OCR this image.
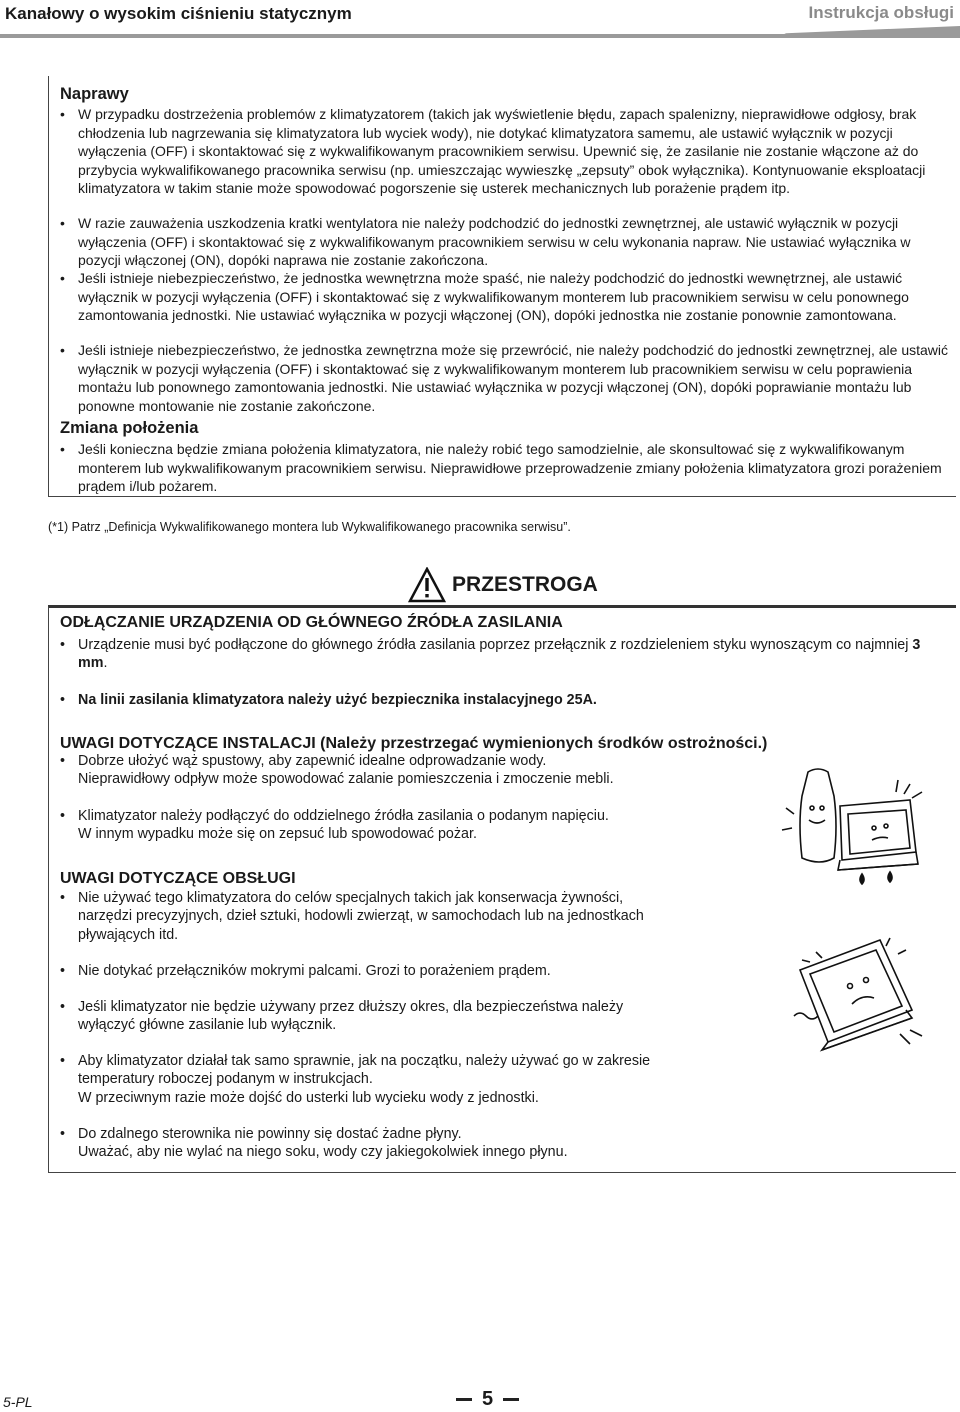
Kanałowy o wysokim ciśnieniu statycznym	Instrukcja obsługi
Naprawy
• W przypadku dostrzeżenia problemów z klimatyzatorem (takich jak wyświetlenie błędu, zapach spalenizny, nieprawidłowe odgłosy, brak chłodzenia lub nagrzewania się klimatyzatora lub wyciek wody), nie dotykać klimatyzatora samemu, ale ustawić wyłącznik w pozycji wyłączenia (OFF) i skontaktować się z wykwalifikowanym pracownikiem serwisu. Upewnić się, że zasilanie nie zostanie włączone aż do przybycia wykwalifikowanego pracownika serwisu (np. umieszczając wywieszkę „zepsuty” obok wyłącznika). Kontynuowanie eksploatacji klimatyzatora w takim stanie może spowodować pogorszenie się usterek mechanicznych lub porażenie prądem itp.
• W razie zauważenia uszkodzenia kratki wentylatora nie należy podchodzić do jednostki zewnętrznej, ale ustawić wyłącznik w pozycji wyłączenia (OFF) i skontaktować się z wykwalifikowanym pracownikiem serwisu w celu wykonania napraw. Nie ustawiać wyłącznika w pozycji włączonej (ON), dopóki naprawa nie zostanie zakończona.
• Jeśli istnieje niebezpieczeństwo, że jednostka wewnętrzna może spaść, nie należy podchodzić do jednostki wewnętrznej, ale ustawić wyłącznik w pozycji wyłączenia (OFF) i skontaktować się z wykwalifikowanym monterem lub pracownikiem serwisu w celu ponownego zamontowania jednostki. Nie ustawiać wyłącznika w pozycji włączonej (ON), dopóki jednostka nie zostanie ponownie zamontowana.
• Jeśli istnieje niebezpieczeństwo, że jednostka zewnętrzna może się przewrócić, nie należy podchodzić do jednostki zewnętrznej, ale ustawić wyłącznik w pozycji wyłączenia (OFF) i skontaktować się z wykwalifikowanym monterem lub pracownikiem serwisu w celu poprawienia montażu lub ponownego zamontowania jednostki. Nie ustawiać wyłącznika w pozycji włączonej (ON), dopóki poprawianie montażu lub ponowne montowanie nie zostanie zakończone.
Zmiana położenia
• Jeśli konieczna będzie zmiana położenia klimatyzatora, nie należy robić tego samodzielnie, ale skonsultować się z wykwalifikowanym monterem lub wykwalifikowanym pracownikiem serwisu. Nieprawidłowe przeprowadzenie zmiany położenia klimatyzatora grozi porażeniem prądem i/lub pożarem.
(*1) Patrz „Definicja Wykwalifikowanego montera lub Wykwalifikowanego pracownika serwisu”.
PRZESTROGA
ODŁĄCZANIE URZĄDZENIA OD GŁÓWNEGO ŹRÓDŁA ZASILANIA
• Urządzenie musi być podłączone do głównego źródła zasilania poprzez przełącznik z rozdzieleniem styku wynoszącym co najmniej 3 mm.
• Na linii zasilania klimatyzatora należy użyć bezpiecznika instalacyjnego 25A.
UWAGI DOTYCZĄCE INSTALACJI (Należy przestrzegać wymienionych środków ostrożności.)
• Dobrze ułożyć wąż spustowy, aby zapewnić idealne odprowadzanie wody.
Nieprawidłowy odpływ może spowodować zalanie pomieszczenia i zmoczenie mebli.
• Klimatyzator należy podłączyć do oddzielnego źródła zasilania o podanym napięciu.
W innym wypadku może się on zepsuć lub spowodować pożar.
UWAGI DOTYCZĄCE OBSŁUGI
• Nie używać tego klimatyzatora do celów specjalnych takich jak konserwacja żywności,
narzędzi precyzyjnych, dzieł sztuki, hodowli zwierząt, w samochodach lub na jednostkach
pływających itd.
• Nie dotykać przełączników mokrymi palcami. Grozi to porażeniem prądem.
• Jeśli klimatyzator nie będzie używany przez dłuższy okres, dla bezpieczeństwa należy
wyłączyć główne zasilanie lub wyłącznik.
• Aby klimatyzator działał tak samo sprawnie, jak na początku, należy używać go w zakresie
temperatury roboczej podanym w instrukcjach.
W przeciwnym razie może dojść do usterki lub wycieku wody z jednostki.
• Do zdalnego sterownika nie powinny się dostać żadne płyny.
Uważać, aby nie wylać na niego soku, wody czy jakiegokolwiek innego płynu.
5-PL	5
